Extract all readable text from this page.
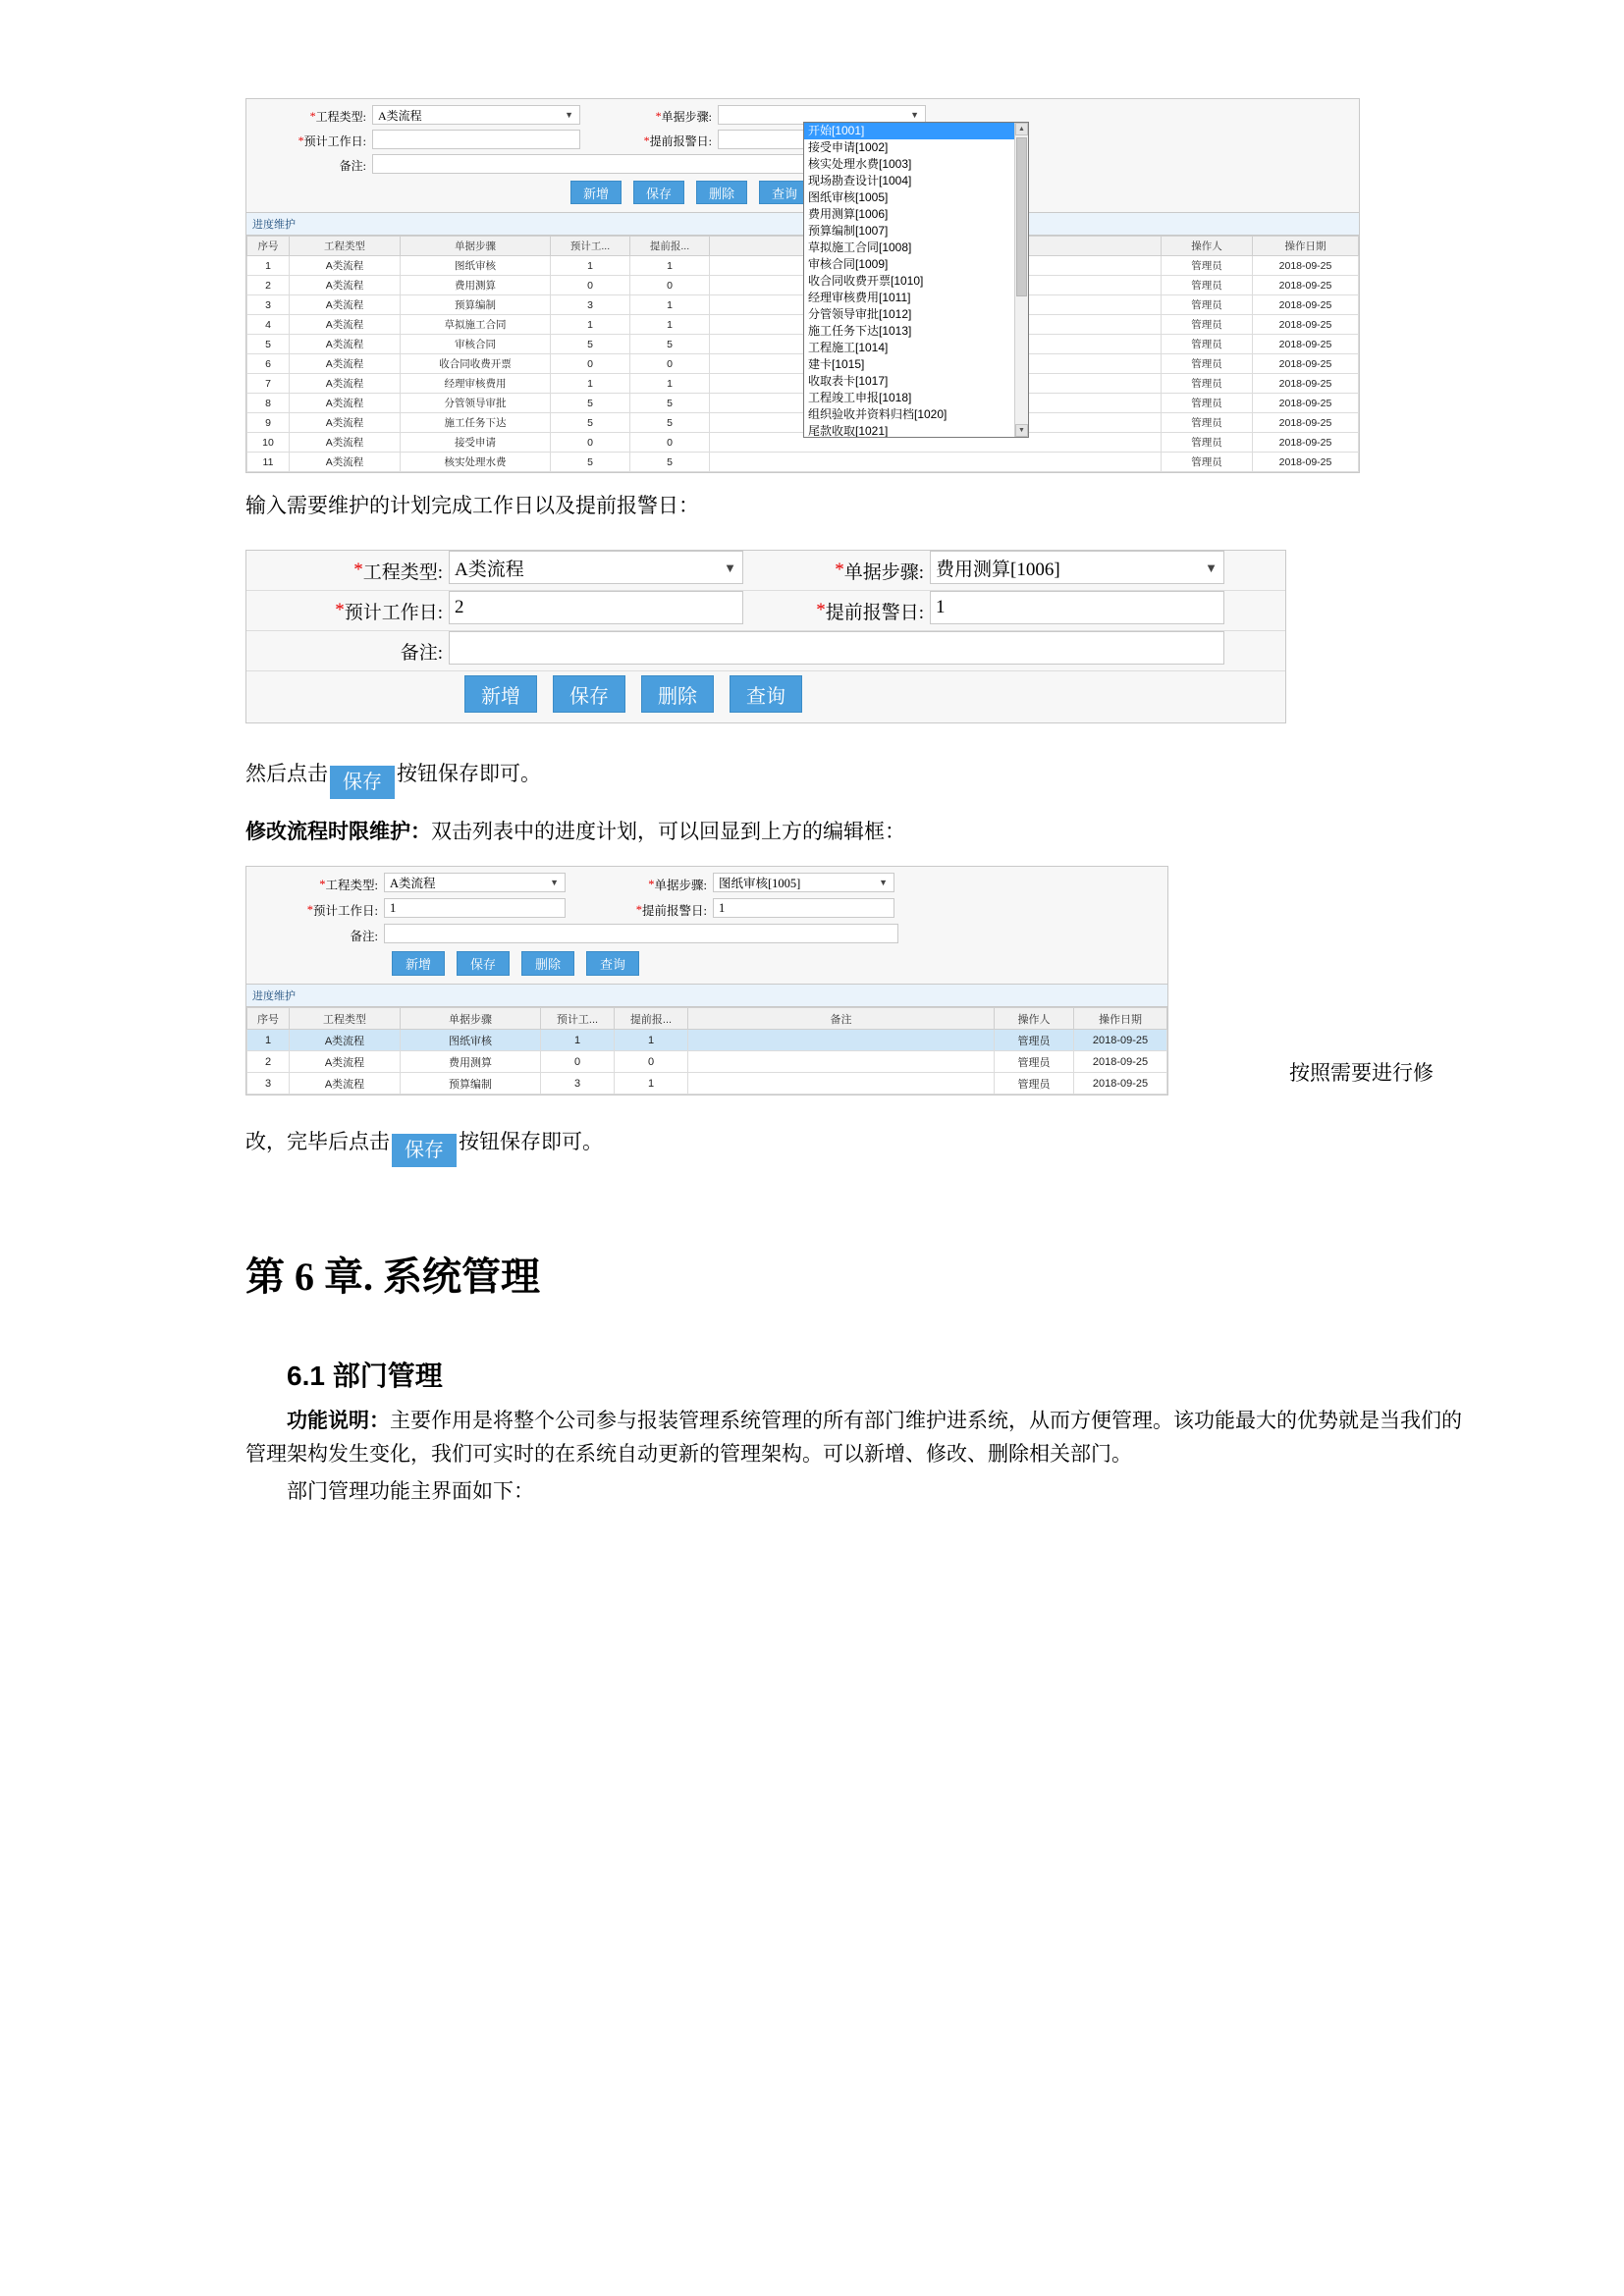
* 工程类型:	A类流程	▼	* 单据步骤:	▼
* 预计工作日:	* 提前报警日:
备注:
新增	保存	删除	查询
进度维护
序号	工程类型	单据步骤	预计工...	提前报...		操作人	操作日期
1	A类流程	图纸审核	1	1		管理员	2018-09-25
2	A类流程	费用测算	0	0		管理员	2018-09-25
3	A类流程	预算编制	3	1		管理员	2018-09-25
4	A类流程	草拟施工合同	1	1		管理员	2018-09-25
5	A类流程	审核合同	5	5		管理员	2018-09-25
6	A类流程	收合同收费开票	0	0		管理员	2018-09-25
7	A类流程	经理审核费用	1	1		管理员	2018-09-25
8	A类流程	分管领导审批	5	5		管理员	2018-09-25
9	A类流程	施工任务下达	5	5		管理员	2018-09-25
10	A类流程	接受申请	0	0		管理员	2018-09-25
11	A类流程	核实处理水费	5	5		管理员	2018-09-25
开始[1001]
接受申请[1002]
核实处理水费[1003]
现场勘查设计[1004]
图纸审核[1005]
费用测算[1006]
预算编制[1007]
草拟施工合同[1008]
审核合同[1009]
收合同收费开票[1010]
经理审核费用[1011]
分管领导审批[1012]
施工任务下达[1013]
工程施工[1014]
建卡[1015]
收取表卡[1017]
工程竣工申报[1018]
组织验收并资料归档[1020]
尾款收取[1021]
▲
▼

输入需要维护的计划完成工作日以及提前报警日：

* 工程类型: A类流程	▼	* 单据步骤: 费用测算[1006]	▼
* 预计工作日: 2	* 提前报警日: 1
备注:
新增	保存	删除	查询

然后点击 保存 按钮保存即可。

修改流程时限维护：双击列表中的进度计划，可以回显到上方的编辑框：

* 工程类型: A类流程	▼	* 单据步骤: 图纸审核[1005]	▼
* 预计工作日: 1	* 提前报警日: 1
备注:
新增	保存	删除	查询
进度维护
序号	工程类型	单据步骤	预计工...	提前报...	备注	操作人	操作日期
1	A类流程	图纸审核	1	1		管理员	2018-09-25
2	A类流程	费用测算	0	0		管理员	2018-09-25
3	A类流程	预算编制	3	1		管理员	2018-09-25	按照需要进行修

改，完毕后点击 保存 按钮保存即可。

第 6 章. 系统管理
6.1 部门管理

功能说明：主要作用是将整个公司参与报装管理系统管理的所有部门维护进系统，从而方便管理。该功能最大的优势就是当我们的管理架构发生变化，我们可实时的在系统自动更新的管理架构。可以新增、修改、删除相关部门。

部门管理功能主界面如下：
